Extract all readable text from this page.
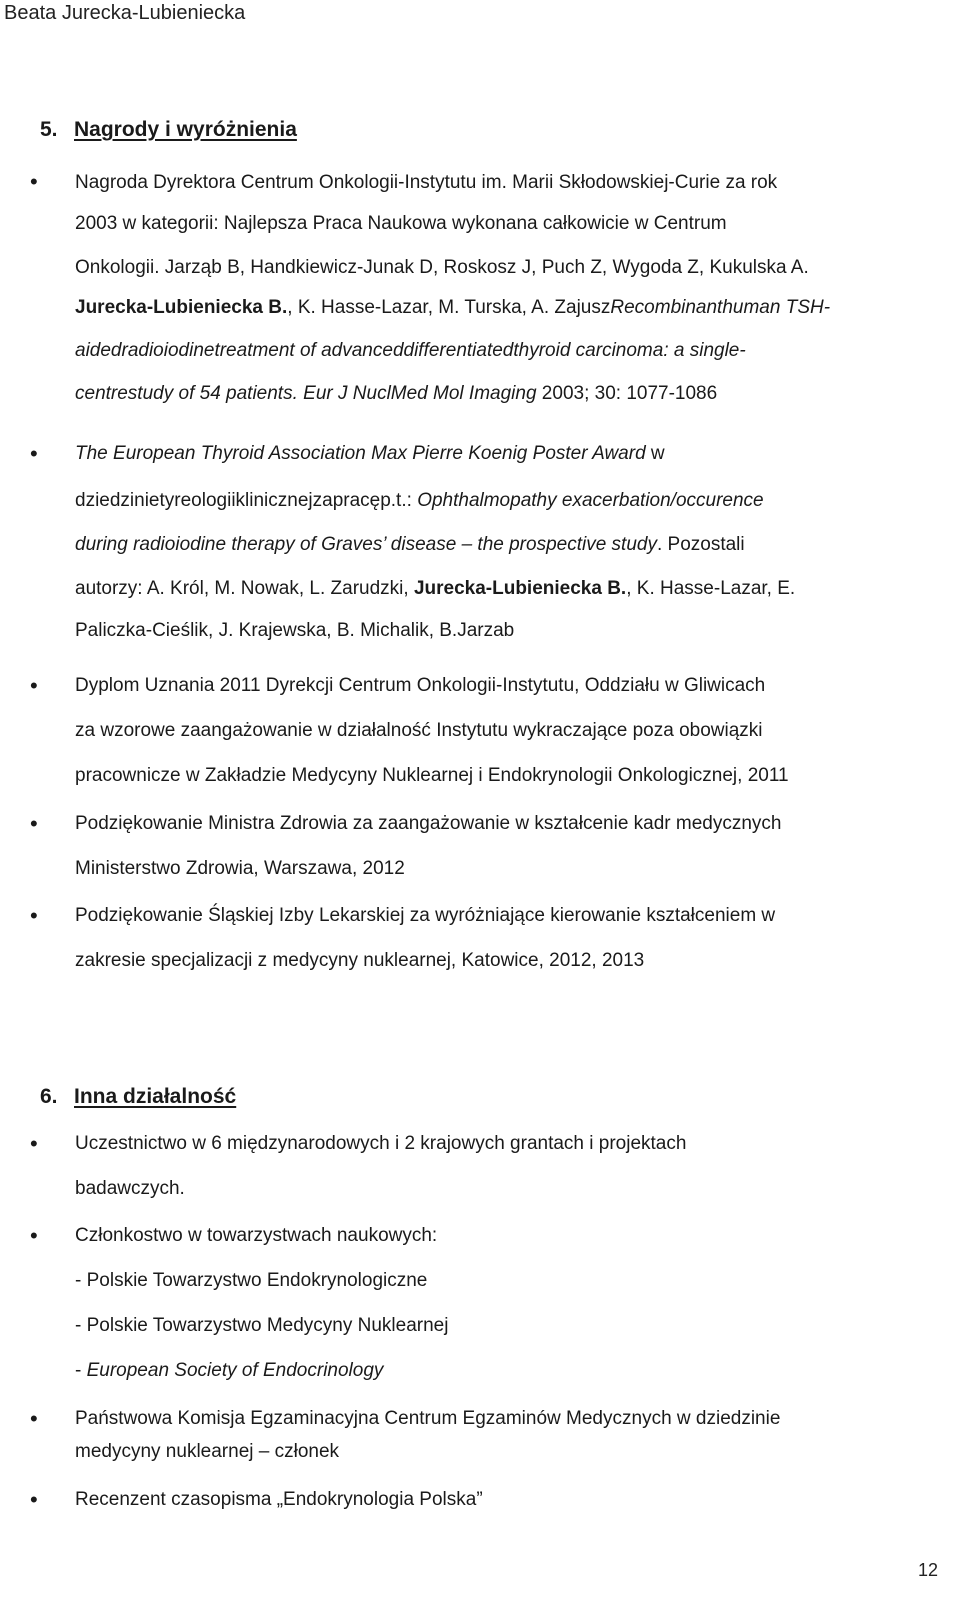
Beata Jurecka-Lubieniecka
5. Nagrody i wyróżnienia
• Nagroda Dyrektora Centrum Onkologii-Instytutu im. Marii Skłodowskiej-Curie za rok
2003 w kategorii: Najlepsza Praca Naukowa wykonana całkowicie w Centrum
Onkologii. Jarząb B, Handkiewicz-Junak D, Roskosz J, Puch Z, Wygoda Z, Kukulska A.
Jurecka-Lubieniecka B., K. Hasse-Lazar, M. Turska, A. ZajuszRecombinanthuman TSH-
aidedradioiodinetreatment of advanceddifferentiatedthyroid carcinoma: a single-
centrestudy of 54 patients. Eur J NuclMed Mol Imaging 2003; 30: 1077-1086
• The European Thyroid Association Max Pierre Koenig Poster Award w
dziedzinietyreologiiklinicznejzapracęp.t.: Ophthalmopathy exacerbation/occurence
during radioiodine therapy of Graves’ disease – the prospective study. Pozostali
autorzy: A. Król, M. Nowak, L. Zarudzki, Jurecka-Lubieniecka B., K. Hasse-Lazar, E.
Paliczka-Cieślik, J. Krajewska, B. Michalik, B.Jarzab
• Dyplom Uznania 2011 Dyrekcji Centrum Onkologii-Instytutu, Oddziału w Gliwicach
za wzorowe zaangażowanie w działalność Instytutu wykraczające poza obowiązki
pracownicze w Zakładzie Medycyny Nuklearnej i Endokrynologii Onkologicznej, 2011
• Podziękowanie Ministra Zdrowia za zaangażowanie w kształcenie kadr medycznych
Ministerstwo Zdrowia, Warszawa, 2012
• Podziękowanie Śląskiej Izby Lekarskiej za wyróżniające kierowanie kształceniem w
zakresie specjalizacji z medycyny nuklearnej, Katowice, 2012, 2013
6. Inna działalność
• Uczestnictwo w 6 międzynarodowych i 2 krajowych grantach i projektach
badawczych.
• Członkostwo w towarzystwach naukowych:
- Polskie Towarzystwo Endokrynologiczne
- Polskie Towarzystwo Medycyny Nuklearnej
- European Society of Endocrinology
• Państwowa Komisja Egzaminacyjna Centrum Egzaminów Medycznych w dziedzinie
medycyny nuklearnej – członek
• Recenzent czasopisma „Endokrynologia Polska”
12
